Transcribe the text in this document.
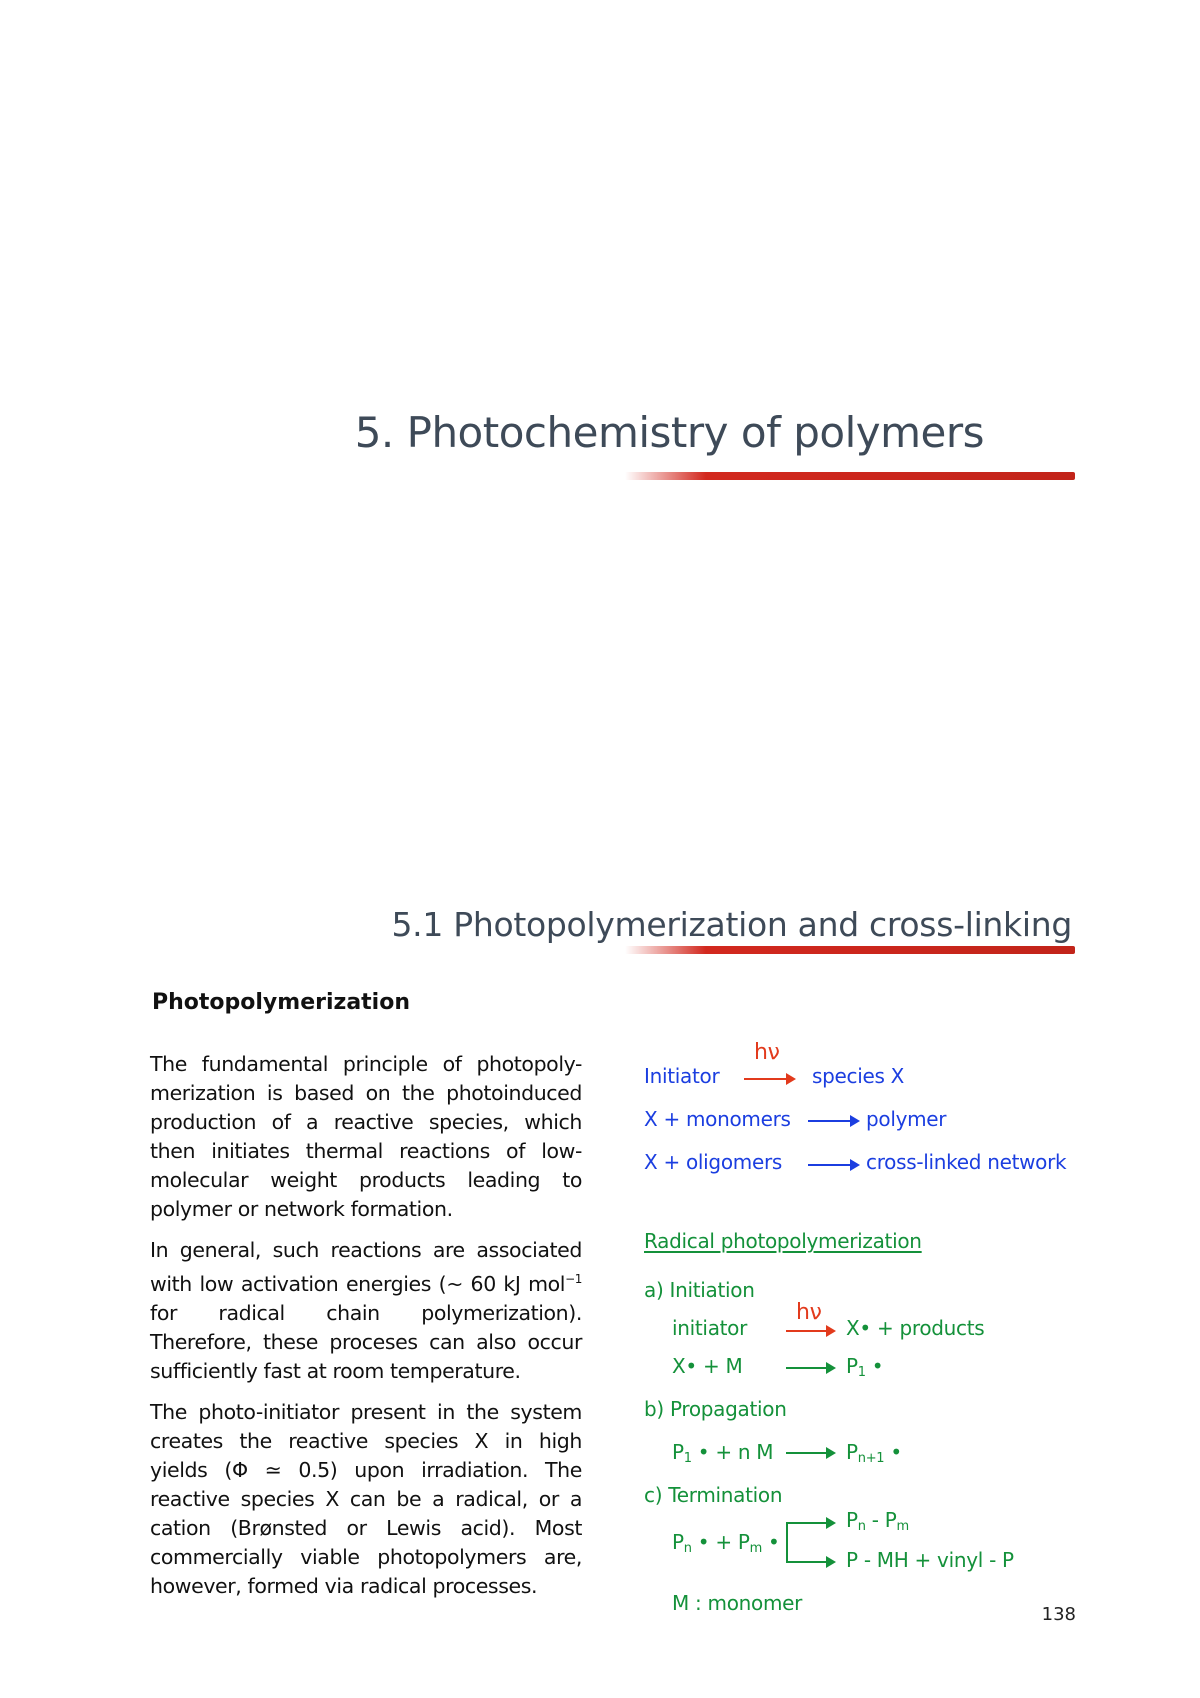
5. Photochemistry of polymers
5.1 Photopolymerization and cross-linking
Photopolymerization

The fundamental principle of photopoly-merization is based on the photoinduced production of a reactive species, which then initiates thermal reactions of low-molecular weight products leading to polymer or network formation.

In general, such reactions are associated with low activation energies (~ 60 kJ mol$^{-1}$ for radical chain polymerization). Therefore, these proceses can also occur sufficiently fast at room temperature.

The photo-initiator present in the system creates the reactive species X in high yields (Φ ≃ 0.5) upon irradiation. The reactive species X can be a radical, or a cation (Brønsted or Lewis acid). Most commercially viable photopolymers are, however, formed via radical processes.

hν
Initiator	species X
X + monomers	polymer
X + oligomers	cross-linked network
Radical photopolymerization
a) Initiation
hν
initiator	X• + products
X• + M	$P_1$ •
b) Propagation
$P_1$ • + n M	$P_{n+1}$ •
c) Termination
$P_n$ • + $P_m$ •
$P_n - P_m$
P - MH + vinyl - P
M : monomer	138
